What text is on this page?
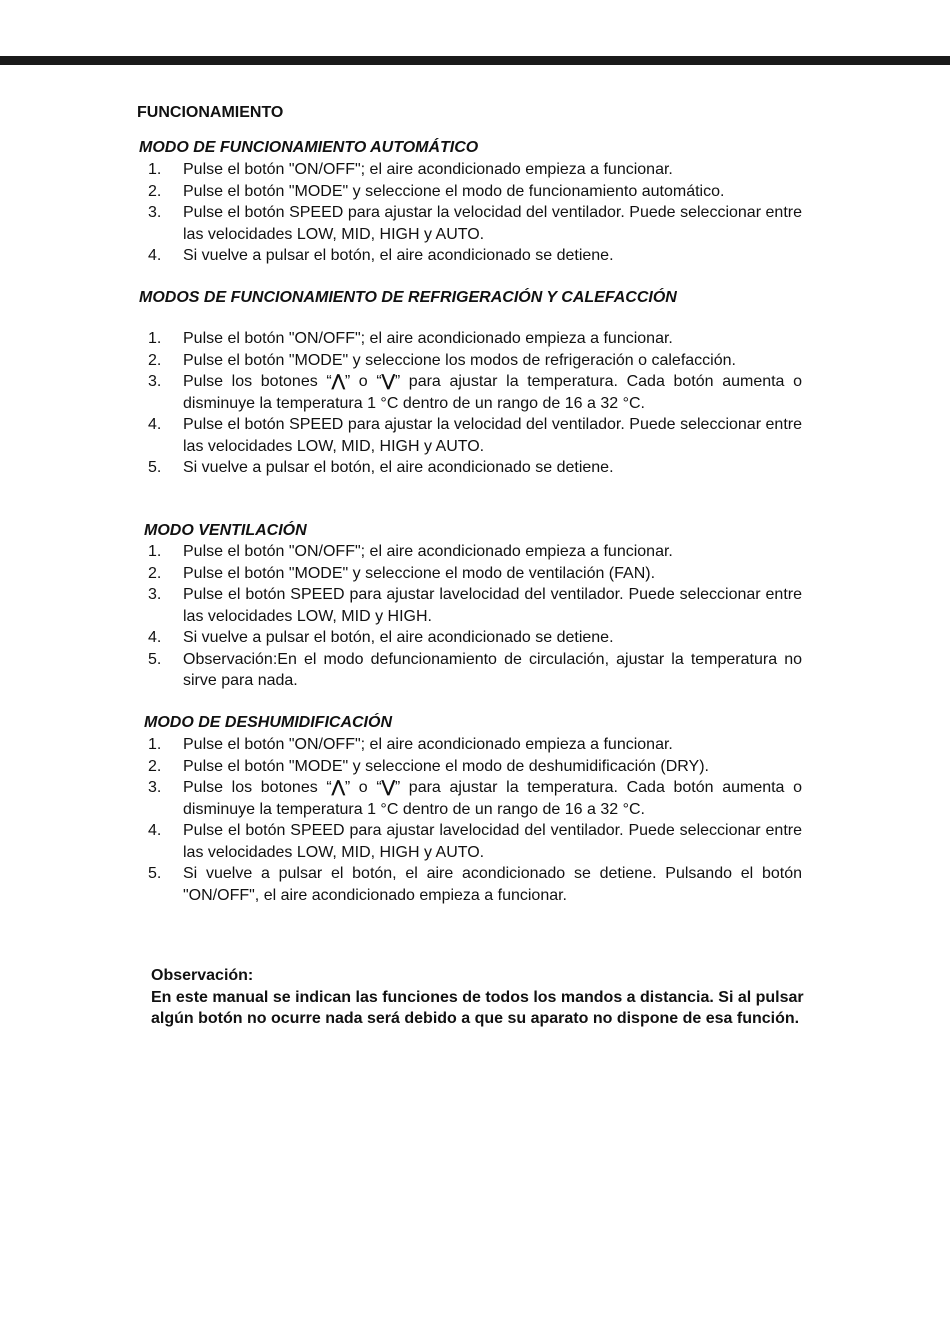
FUNCIONAMIENTO
MODO DE FUNCIONAMIENTO AUTOMÁTICO
1.	Pulse el botón "ON/OFF"; el aire acondicionado empieza a funcionar.
2.	Pulse el botón "MODE" y seleccione el modo de funcionamiento automático.
3.	Pulse el botón SPEED para ajustar la velocidad del ventilador. Puede seleccionar entre las velocidades LOW, MID, HIGH y AUTO.
4.	Si vuelve a pulsar el botón, el aire acondicionado se detiene.
MODOS DE FUNCIONAMIENTO DE REFRIGERACIÓN Y CALEFACCIÓN
1.	Pulse el botón "ON/OFF"; el aire acondicionado empieza a funcionar.
2.	Pulse el botón "MODE" y seleccione los modos de refrigeración o calefacción.
3.	Pulse los botones “⋀” o “⋁” para ajustar la temperatura. Cada botón aumenta o disminuye la temperatura 1 °C dentro de un rango de 16 a 32 °C.
4.	Pulse el botón SPEED para ajustar la velocidad del ventilador. Puede seleccionar entre las velocidades LOW, MID, HIGH y AUTO.
5.	Si vuelve a pulsar el botón, el aire acondicionado se detiene.
MODO VENTILACIÓN
1.	Pulse el botón "ON/OFF"; el aire acondicionado empieza a funcionar.
2.	Pulse el botón "MODE" y seleccione el modo de ventilación (FAN).
3.	Pulse el botón SPEED para ajustar lavelocidad del ventilador. Puede seleccionar entre las velocidades LOW, MID y HIGH.
4.	Si vuelve a pulsar el botón, el aire acondicionado se detiene.
5.	Observación:En el modo defuncionamiento de circulación, ajustar la temperatura no sirve para nada.
MODO DE DESHUMIDIFICACIÓN
1.	Pulse el botón "ON/OFF"; el aire acondicionado empieza a funcionar.
2.	Pulse el botón "MODE" y seleccione el modo de deshumidificación (DRY).
3.	Pulse los botones “⋀” o “⋁” para ajustar la temperatura. Cada botón aumenta o disminuye la temperatura 1 °C dentro de un rango de 16 a 32 °C.
4.	Pulse el botón SPEED para ajustar lavelocidad del ventilador. Puede seleccionar entre las velocidades LOW, MID, HIGH y AUTO.
5.	Si vuelve a pulsar el botón, el aire acondicionado se detiene. Pulsando el botón "ON/OFF", el aire acondicionado empieza a funcionar.

Observación:

En este manual se indican las funciones de todos los mandos a distancia. Si al pulsar algún botón no ocurre nada será debido a que su aparato no dispone de esa función.
